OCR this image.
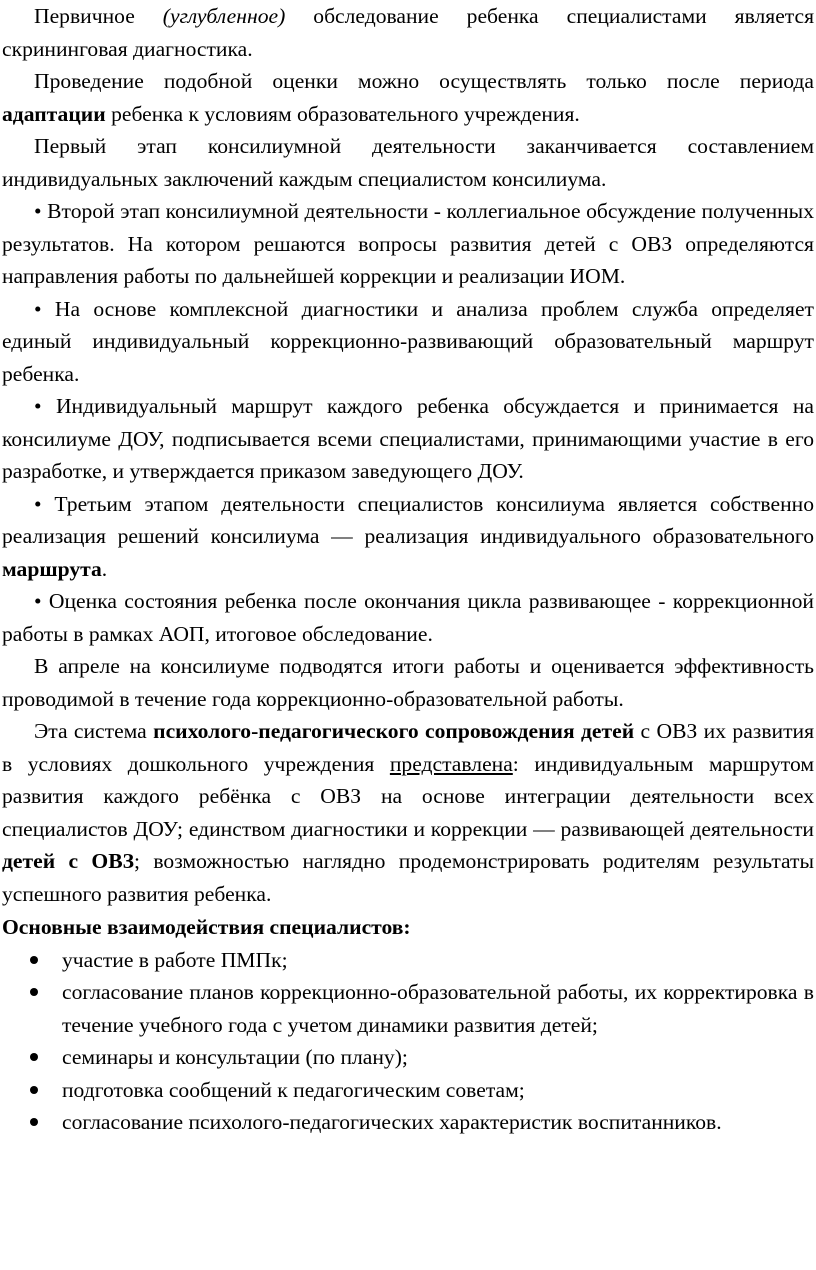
Первичное (углубленное) обследование ребенка специалистами является скрининговая диагностика.

Проведение подобной оценки можно осуществлять только после периода адаптации ребенка к условиям образовательного учреждения.

Первый этап консилиумной деятельности заканчивается составлением индивидуальных заключений каждым специалистом консилиума.

• Второй этап консилиумной деятельности - коллегиальное обсуждение полученных результатов. На котором решаются вопросы развития детей с ОВЗ определяются направления работы по дальнейшей коррекции и реализации ИОМ.

• На основе комплексной диагностики и анализа проблем служба определяет единый индивидуальный коррекционно-развивающий образовательный маршрут ребенка.

• Индивидуальный маршрут каждого ребенка обсуждается и принимается на консилиуме ДОУ, подписывается всеми специалистами, принимающими участие в его разработке, и утверждается приказом заведующего ДОУ.

• Третьим этапом деятельности специалистов консилиума является собственно реализация решений консилиума — реализация индивидуального образовательного маршрута.

• Оценка состояния ребенка после окончания цикла развивающее - коррекционной работы в рамках АОП, итоговое обследование.

В апреле на консилиуме подводятся итоги работы и оценивается эффективность проводимой в течение года коррекционно-образовательной работы.

Эта система психолого-педагогического сопровождения детей с ОВЗ их развития в условиях дошкольного учреждения представлена: индивидуальным маршрутом развития каждого ребёнка с ОВЗ на основе интеграции деятельности всех специалистов ДОУ; единством диагностики и коррекции — развивающей деятельности детей с ОВЗ; возможностью наглядно продемонстрировать родителям результаты успешного развития ребенка.

Основные взаимодействия специалистов:

участие в работе ПМПк;
согласование планов коррекционно-образовательной работы, их корректировка в течение учебного года с учетом динамики развития детей;
семинары и консультации (по плану);
подготовка сообщений к педагогическим советам;
согласование психолого-педагогических характеристик воспитанников.
